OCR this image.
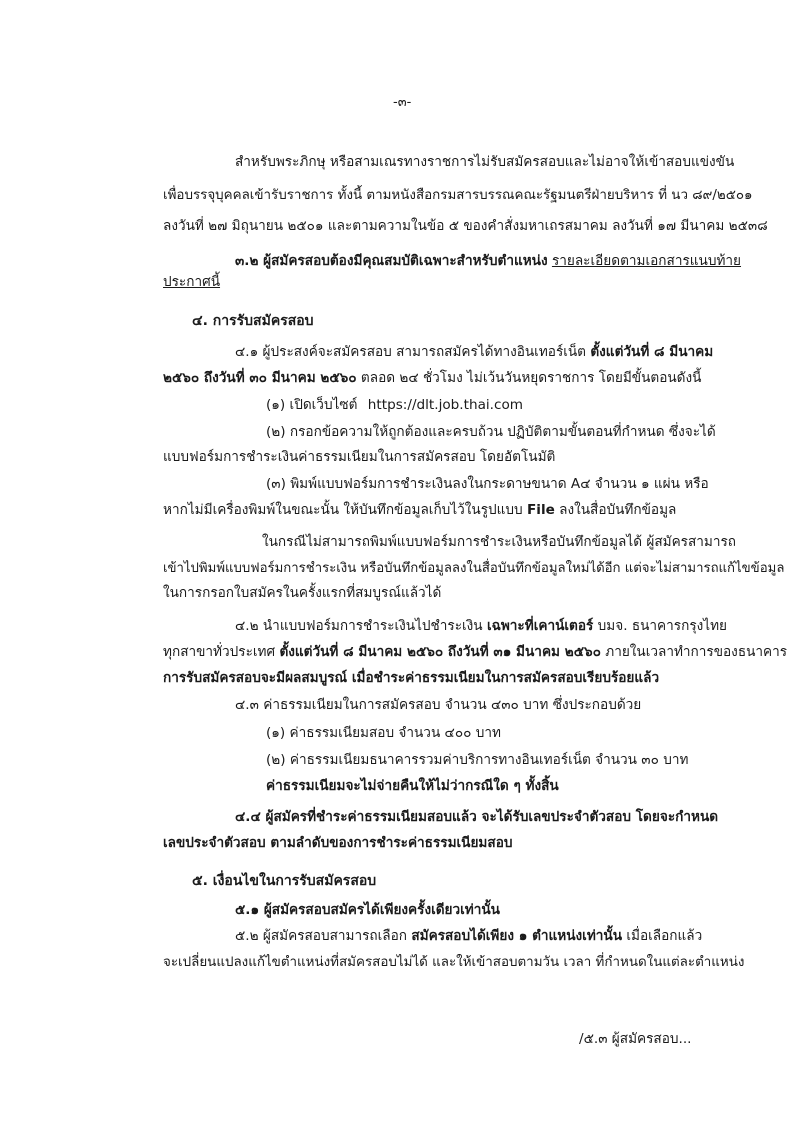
-๓-
สำหรับพระภิกษุ หรือสามเณรทางราชการไม่รับสมัครสอบและไม่อาจให้เข้าสอบแข่งขัน
เพื่อบรรจุบุคคลเข้ารับราชการ ทั้งนี้ ตามหนังสือกรมสารบรรณคณะรัฐมนตรีฝ่ายบริหาร ที่ นว ๘๙/๒๕๐๑
ลงวันที่ ๒๗ มิถุนายน ๒๕๐๑ และตามความในข้อ ๕ ของคำสั่งมหาเถรสมาคม ลงวันที่ ๑๗ มีนาคม ๒๕๓๘
๓.๒ ผู้สมัครสอบต้องมีคุณสมบัติเฉพาะสำหรับตำแหน่ง รายละเอียดตามเอกสารแนบท้าย
ประกาศนี้
๔. การรับสมัครสอบ
๔.๑ ผู้ประสงค์จะสมัครสอบ สามารถสมัครได้ทางอินเทอร์เน็ต ตั้งแต่วันที่ ๘ มีนาคม
๒๕๖๐ ถึงวันที่ ๓๐ มีนาคม ๒๕๖๐ ตลอด ๒๔ ชั่วโมง ไม่เว้นวันหยุดราชการ โดยมีขั้นตอนดังนี้
(๑) เปิดเว็บไซต์ https://dlt.job.thai.com
(๒) กรอกข้อความให้ถูกต้องและครบถ้วน ปฏิบัติตามขั้นตอนที่กำหนด ซึ่งจะได้
แบบฟอร์มการชำระเงินค่าธรรมเนียมในการสมัครสอบ โดยอัตโนมัติ
(๓) พิมพ์แบบฟอร์มการชำระเงินลงในกระดาษขนาด A๔ จำนวน ๑ แผ่น หรือ
หากไม่มีเครื่องพิมพ์ในขณะนั้น ให้บันทึกข้อมูลเก็บไว้ในรูปแบบ File ลงในสื่อบันทึกข้อมูล
ในกรณีไม่สามารถพิมพ์แบบฟอร์มการชำระเงินหรือบันทึกข้อมูลได้ ผู้สมัครสามารถ
เข้าไปพิมพ์แบบฟอร์มการชำระเงิน หรือบันทึกข้อมูลลงในสื่อบันทึกข้อมูลใหม่ได้อีก แต่จะไม่สามารถแก้ไขข้อมูล
ในการกรอกใบสมัครในครั้งแรกที่สมบูรณ์แล้วได้
๔.๒ นำแบบฟอร์มการชำระเงินไปชำระเงิน เฉพาะที่เคาน์เตอร์ บมจ. ธนาคารกรุงไทย
ทุกสาขาทั่วประเทศ ตั้งแต่วันที่ ๘ มีนาคม ๒๕๖๐ ถึงวันที่ ๓๑ มีนาคม ๒๕๖๐ ภายในเวลาทำการของธนาคาร
การรับสมัครสอบจะมีผลสมบูรณ์ เมื่อชำระค่าธรรมเนียมในการสมัครสอบเรียบร้อยแล้ว
๔.๓ ค่าธรรมเนียมในการสมัครสอบ จำนวน ๔๓๐ บาท ซึ่งประกอบด้วย
(๑) ค่าธรรมเนียมสอบ จำนวน ๔๐๐ บาท
(๒) ค่าธรรมเนียมธนาคารรวมค่าบริการทางอินเทอร์เน็ต จำนวน ๓๐ บาท
ค่าธรรมเนียมจะไม่จ่ายคืนให้ไม่ว่ากรณีใด ๆ ทั้งสิ้น
๔.๔ ผู้สมัครที่ชำระค่าธรรมเนียมสอบแล้ว จะได้รับเลขประจำตัวสอบ โดยจะกำหนด
เลขประจำตัวสอบ ตามลำดับของการชำระค่าธรรมเนียมสอบ
๕. เงื่อนไขในการรับสมัครสอบ
๕.๑ ผู้สมัครสอบสมัครได้เพียงครั้งเดียวเท่านั้น
๕.๒ ผู้สมัครสอบสามารถเลือก สมัครสอบได้เพียง ๑ ตำแหน่งเท่านั้น เมื่อเลือกแล้ว
จะเปลี่ยนแปลงแก้ไขตำแหน่งที่สมัครสอบไม่ได้ และให้เข้าสอบตามวัน เวลา ที่กำหนดในแต่ละตำแหน่ง
/๕.๓ ผู้สมัครสอบ...
